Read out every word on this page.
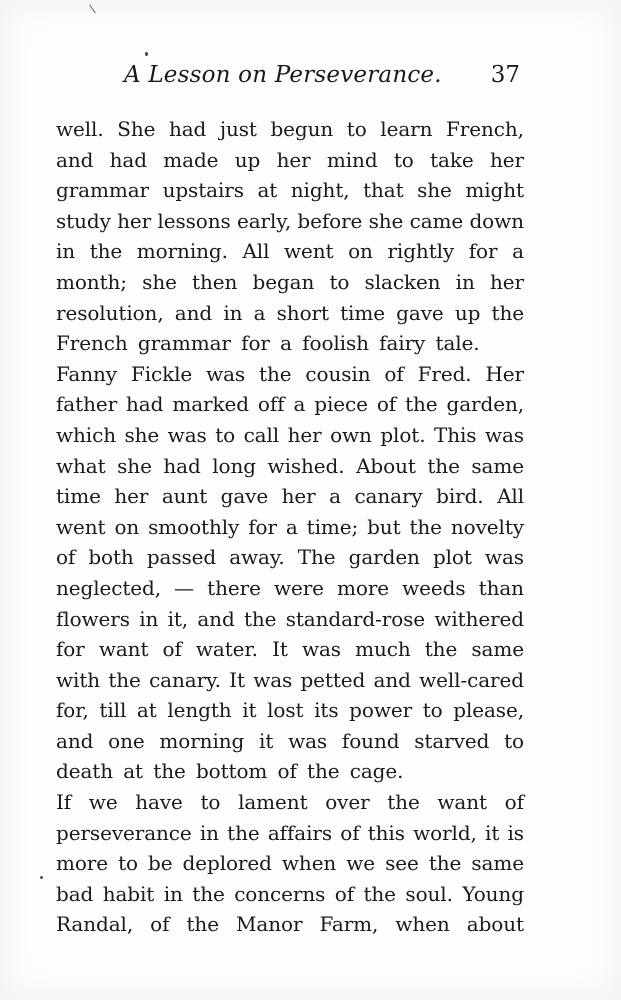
A Lesson on Perseverance. 37
well. She had just begun to learn French,
and had made up her mind to take her
grammar upstairs at night, that she might
study her lessons early, before she came down
in the morning. All went on rightly for a
month; she then began to slacken in her
resolution, and in a short time gave up the
French grammar for a foolish fairy tale.
Fanny Fickle was the cousin of Fred. Her
father had marked off a piece of the garden,
which she was to call her own plot. This was
what she had long wished. About the same
time her aunt gave her a canary bird. All
went on smoothly for a time; but the novelty
of both passed away. The garden plot was
neglected, — there were more weeds than
flowers in it, and the standard-rose withered
for want of water. It was much the same
with the canary. It was petted and well-cared
for, till at length it lost its power to please,
and one morning it was found starved to
death at the bottom of the cage.
If we have to lament over the want of
perseverance in the affairs of this world, it is
more to be deplored when we see the same
bad habit in the concerns of the soul. Young
Randal, of the Manor Farm, when about
